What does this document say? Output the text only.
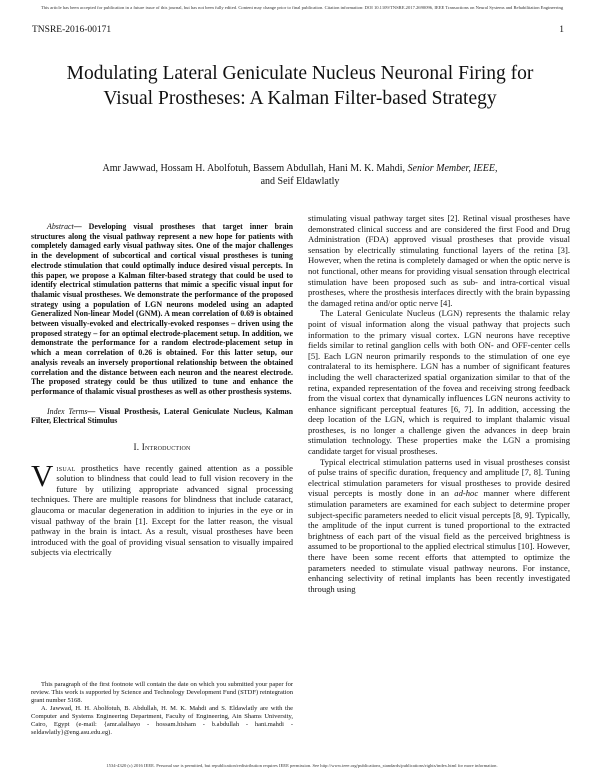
This article has been accepted for publication in a future issue of this journal, but has not been fully edited. Content may change prior to final publication. Citation information: DOI 10.1109/TNSRE.2017.2690096, IEEE Transactions on Neural Systems and Rehabilitation Engineering
TNSRE-2016-00171	1
Modulating Lateral Geniculate Nucleus Neuronal Firing for Visual Prostheses: A Kalman Filter-based Strategy
Amr Jawwad, Hossam H. Abolfotuh, Bassem Abdullah, Hani M. K. Mahdi, Senior Member, IEEE,
and Seif Eldawlatly

Abstract— Developing visual prostheses that target inner brain structures along the visual pathway represent a new hope for patients with completely damaged early visual pathway sites. One of the major challenges in the development of subcortical and cortical visual prostheses is tuning electrode stimulation that could optimally induce desired visual percepts. In this paper, we propose a Kalman filter-based strategy that could be used to identify electrical stimulation patterns that mimic a specific visual input for thalamic visual prostheses. We demonstrate the performance of the proposed strategy using a population of LGN neurons modeled using an adapted Generalized Non-linear Model (GNM). A mean correlation of 0.69 is obtained between visually-evoked and electrically-evoked responses – driven using the proposed strategy – for an optimal electrode-placement setup. In addition, we demonstrate the performance for a random electrode-placement setup in which a mean correlation of 0.26 is obtained. For this latter setup, our analysis reveals an inversely proportional relationship between the obtained correlation and the distance between each neuron and the nearest electrode. The proposed strategy could be thus utilized to tune and enhance the performance of thalamic visual prostheses as well as other prosthesis systems.

Index Terms— Visual Prosthesis, Lateral Geniculate Nucleus, Kalman Filter, Electrical Stimulus

I. Introduction

Visual prosthetics have recently gained attention as a possible solution to blindness that could lead to full vision recovery in the future by utilizing appropriate advanced signal processing techniques. There are multiple reasons for blindness that include cataract, glaucoma or macular degeneration in addition to injuries in the eye or in visual pathway of the brain [1]. Except for the latter reason, the visual pathway in the brain is intact. As a result, visual prostheses have been introduced with the goal of providing visual sensation to visually impaired subjects via electrically

stimulating visual pathway target sites [2]. Retinal visual prostheses have demonstrated clinical success and are considered the first Food and Drug Administration (FDA) approved visual prostheses that provide visual sensation by electrically stimulating functional layers of the retina [3]. However, when the retina is completely damaged or when the optic nerve is not functional, other means for providing visual sensation through electrical stimulation have been proposed such as sub- and intra-cortical visual prostheses, where the prosthesis interfaces directly with the brain bypassing the damaged retina and/or optic nerve [4].

The Lateral Geniculate Nucleus (LGN) represents the thalamic relay point of visual information along the visual pathway that projects such information to the primary visual cortex. LGN neurons have receptive fields similar to retinal ganglion cells with both ON- and OFF-center cells [5]. Each LGN neuron primarily responds to the stimulation of one eye contralateral to its hemisphere. LGN has a number of significant features including the well characterized spatial organization similar to that of the retina, expanded representation of the fovea and receiving strong feedback from the visual cortex that dynamically influences LGN neurons activity to enhance significant perceptual features [6, 7]. In addition, accessing the deep location of the LGN, which is required to implant thalamic visual prostheses, is no longer a challenge given the advances in deep brain stimulation technology. These properties make the LGN a promising candidate target for visual prostheses.

Typical electrical stimulation patterns used in visual prostheses consist of pulse trains of specific duration, frequency and amplitude [7, 8]. Tuning electrical stimulation parameters for visual prostheses to provide desired visual percepts is mostly done in an ad-hoc manner where different stimulation parameters are examined for each subject to determine proper subject-specific parameters needed to elicit visual percepts [8, 9]. Typically, the amplitude of the input current is tuned proportional to the extracted brightness of each part of the visual field as the perceived brightness is assumed to be proportional to the applied electrical stimulus [10]. However, there have been some recent efforts that attempted to optimize the parameters needed to stimulate visual pathway neurons. For instance, enhancing selectivity of retinal implants has been recently investigated through using

This paragraph of the first footnote will contain the date on which you submitted your paper for review. This work is supported by Science and Technology Development Fund (STDF) reintegration grant number 5168.

A. Jawwad, H. H. Abolfotuh, B. Abdullah, H. M. K. Mahdi and S. Eldawlatly are with the Computer and Systems Engineering Department, Faculty of Engineering, Ain Shams University, Cairo, Egypt (e-mail: {amr.alalhayo - hossam.hisham - b.abdullah - hani.mahdi - seldawlatly}@eng.asu.edu.eg).

1534-4320 (c) 2016 IEEE. Personal use is permitted, but republication/redistribution requires IEEE permission. See http://www.ieee.org/publications_standards/publications/rights/index.html for more information.
